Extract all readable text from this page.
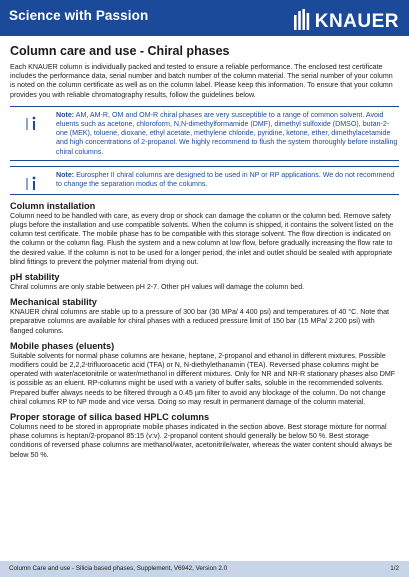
Science with Passion	KNAUER
Column care and use - Chiral phases

Each KNAUER column is individually packed and tested to ensure a reliable performance. The enclosed test certificate includes the performance data, serial number and batch number of the column material. The serial number of your column is noted on the column certificate as well as on the column label. Please keep this information. To ensure that your column provides you with reliable chromatography results, follow the guidelines below.

Note: AM, AM-R, OM and OM-R chiral phases are very susceptible to a range of common solvent. Avoid eluents such as acetone, chloroform, N,N-dimethylformamide (DMF), dimethyl sulfoxide (DMSO), butan-2-one (MEK), toluene, dioxane, ethyl acetate, methylene chloride, pyridine, ketone, ether, dimethylacetamide and high concentrations of 2-propanol. We highly recommend to flush the system thoroughly before installing chiral columns.

Note: Eurospher II chiral columns are designed to be used in NP or RP applications. We do not recommend to change the separation modus of the columns.

Column installation

Column need to be handled with care, as every drop or shock can damage the column or the column bed. Remove safety plugs before the installation and use compatible solvents. When the column is shipped, it contains the solvent listed on the column test certificate. The mobile phase has to be compatible with this storage solvent. The flow direction is indicated on the column or the column flag. Flush the system and a new column at low flow, before gradually increasing the flow rate to the desired value. If the column is not to be used for a longer period, the inlet and outlet should be sealed with appropriate blind fittings to prevent the polymer material from drying out.

pH stability

Chiral columns are only stable between pH 2-7. Other pH values will damage the column bed.

Mechanical stability

KNAUER chiral columns are stable up to a pressure of 300 bar (30 MPa/ 4 400 psi) and temperatures of 40 °C. Note that preparative columns are available for chiral phases with a reduced pressure limit of 150 bar (15 MPa/ 2 200 psi) with flanged columns.

Mobile phases (eluents)

Suitable solvents for normal phase columns are hexane, heptane, 2-propanol and ethanol in different mixtures. Possible modifiers could be 2,2,2-trifluoroacetic acid (TFA) or N, N-diethylethanamin (TEA). Reversed phase columns might be operated with water/acetonitrile or water/methanol in different mixtures. Only for NR and NR-R stationary phases also DMF is possible as an eluent. RP-columns might be used with a variety of buffer salts, soluble in the recommended solvents. Prepared buffer always needs to be filtered through a 0.45 µm filter to avoid any blockage of the column. Do not change chiral columns RP to NP mode and vice versa. Doing so may result in permanent damage of the column material.

Proper storage of silica based HPLC columns

Columns need to be stored in appropriate mobile phases indicated in the section above. Best storage mixture for normal phase columns is heptan/2-propanol 85:15 (v:v). 2-propanol content should generally be below 50 %. Best storage conditions of reversed phase columns are methanol/water, acetonitrile/water, whereas the water content should always be below 50 %.

Column Care and use - Silicia based phases, Supplement, V6942, Version 2.0	1/2
